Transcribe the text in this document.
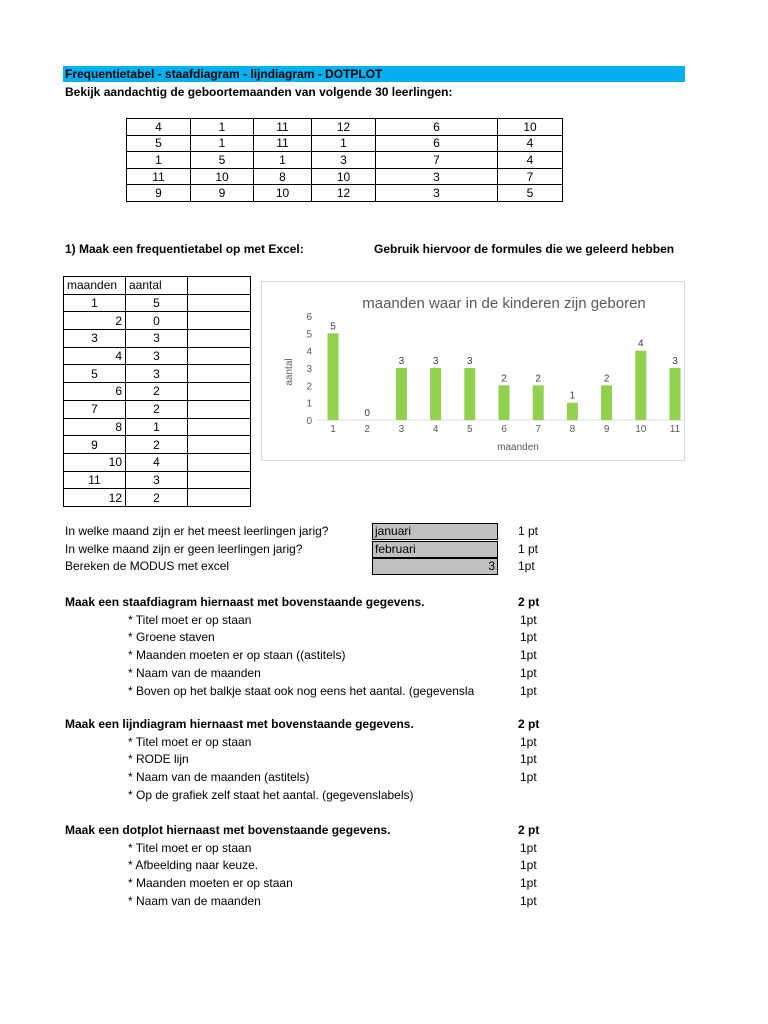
Frequentietabel - staafdiagram - lijndiagram - DOTPLOT
Bekijk aandachtig de geboortemaanden van volgende 30 leerlingen:
4	1	11	12	6	10
5	1	11	1	6	4
1	5	1	3	7	4
11	10	8	10	3	7
9	9	10	12	3	5
1) Maak een frequentietabel op met Excel:	Gebruik hiervoor de formules die we geleerd hebben
maanden	aantal	
1	5	
2	0	
3	3	
4	3	
5	3	
6	2	
7	2	
8	1	
9	2	
10	4	
11	3	
12	2	
maanden waar in de kinderen zijn geboren
aantal
0
1
2
3
4
5
6
5
1
0
2
3
3
3
4
3
5
2
6
2
7
1
8
2
9
4
10
3
11
maanden
In welke maand zijn er het meest leerlingen jarig?	januari	1 pt
In welke maand zijn er geen leerlingen jarig?	februari	1 pt
Bereken de MODUS met excel	3 1pt
Maak een staafdiagram hiernaast met bovenstaande gegevens.	2 pt
* Titel moet er op staan	1pt
* Groene staven	1pt
* Maanden moeten er op staan ((astitels)	1pt
* Naam van de maanden	1pt
* Boven op het balkje staat ook nog eens het aantal. (gegevensla	1pt
Maak een lijndiagram hiernaast met bovenstaande gegevens.	2 pt
* Titel moet er op staan	1pt
* RODE lijn	1pt
* Naam van de maanden (astitels)	1pt
* Op de grafiek zelf staat het aantal. (gegevenslabels)
Maak een dotplot hiernaast met bovenstaande gegevens.	2 pt
* Titel moet er op staan	1pt
* Afbeelding naar keuze.	1pt
* Maanden moeten er op staan	1pt
* Naam van de maanden	1pt
